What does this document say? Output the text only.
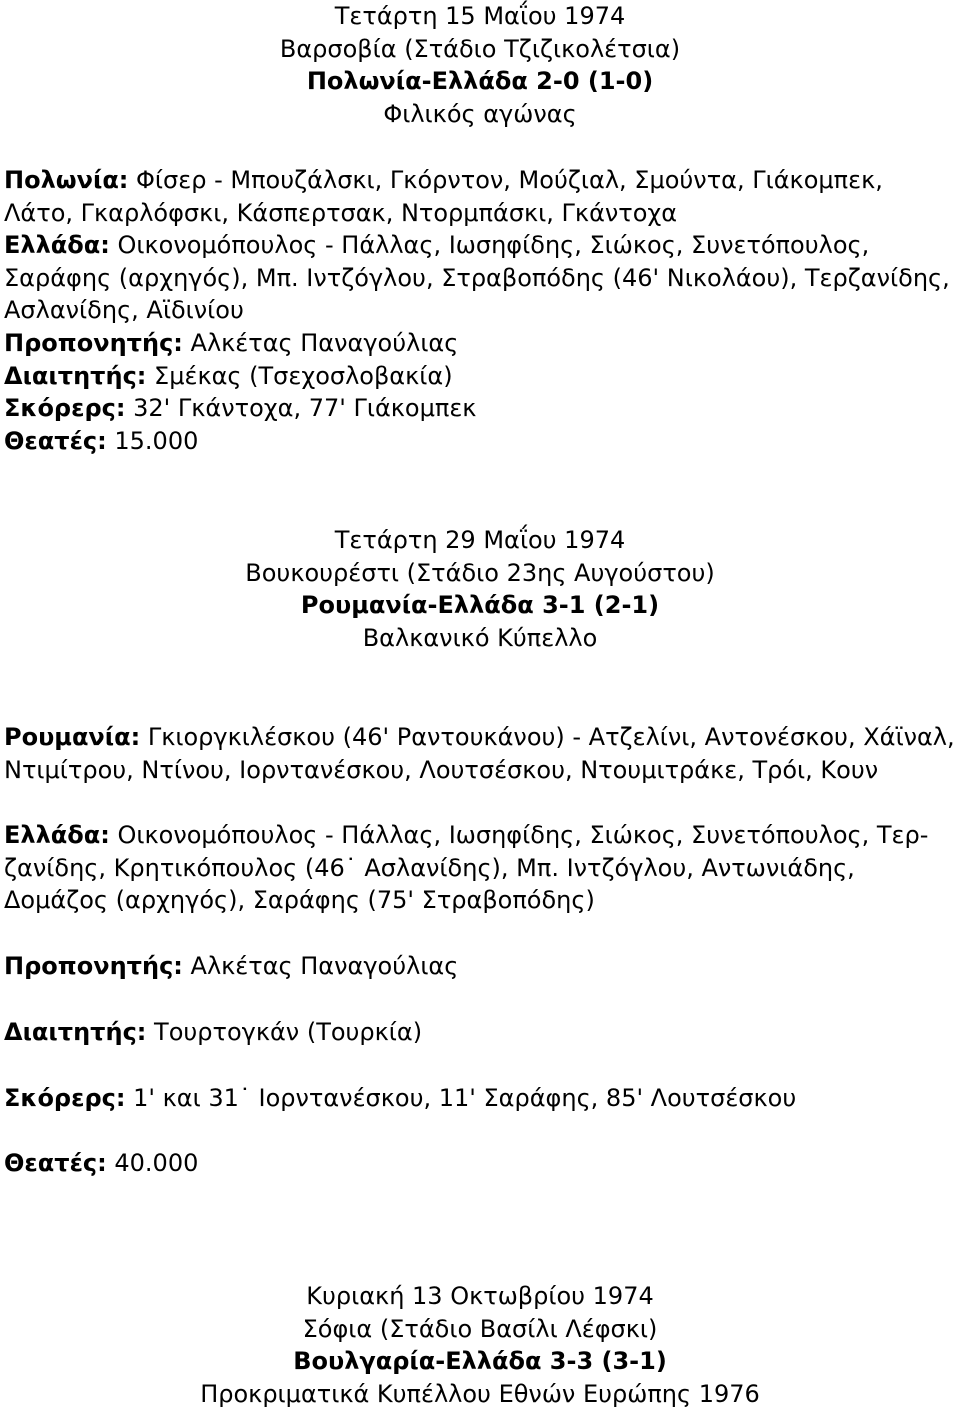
Τετάρτη 15 Μαΐου 1974
Βαρσοβία (Στάδιο Τζιζικολέτσια)
Πολωνία-Ελλάδα 2-0 (1-0)
Φιλικός αγώνας
Πολωνία: Φίσερ - Μπουζάλσκι, Γκόρντον, Μούζιαλ, Σμούντα, Γιάκομπεκ, Λάτο, Γκαρλόφσκι, Κάσπερτσακ, Ντορμπάσκι, Γκάντοχα
Ελλάδα: Οικονομόπουλος - Πάλλας, Ιωσηφίδης, Σιώκος, Συνετόπουλος, Σαράφης (αρχηγός), Μπ. Ιντζόγλου, Στραβοπόδης (46' Νικολάου), Τερζανίδης, Ασλανίδης, Αϊδινίου
Προπονητής: Αλκέτας Παναγούλιας
Διαιτητής: Σμέκας (Τσεχοσλοβακία)
Σκόρερς: 32' Γκάντοχα, 77' Γιάκομπεκ
Θεατές: 15.000
Τετάρτη 29 Μαΐου 1974
Βουκουρέστι (Στάδιο 23ης Αυγούστου)
Ρουμανία-Ελλάδα 3-1 (2-1)
Βαλκανικό Κύπελλο
Ρουμανία: Γκιοργκιλέσκου (46' Ραντουκάνου) - Ατζελίνι, Αντονέσκου, Χάϊναλ, Ντιμίτρου, Ντίνου, Ιορντανέσκου, Λουτσέσκου, Ντουμιτράκε, Τρόι, Κουν
Ελλάδα: Οικονομόπουλος - Πάλλας, Ιωσηφίδης, Σιώκος, Συνετόπουλος, Τερ-ζανίδης, Κρητικόπουλος (46˙ Ασλανίδης), Μπ. Ιντζόγλου, Αντωνιάδης, Δομάζος (αρχηγός), Σαράφης (75' Στραβοπόδης)
Προπονητής: Αλκέτας Παναγούλιας
Διαιτητής: Τουρτογκάν (Τουρκία)
Σκόρερς: 1' και 31˙ Ιορντανέσκου, 11' Σαράφης, 85' Λουτσέσκου
Θεατές: 40.000
Κυριακή 13 Οκτωβρίου 1974
Σόφια (Στάδιο Βασίλι Λέφσκι)
Βουλγαρία-Ελλάδα 3-3 (3-1)
Προκριματικά Κυπέλλου Εθνών Ευρώπης 1976
